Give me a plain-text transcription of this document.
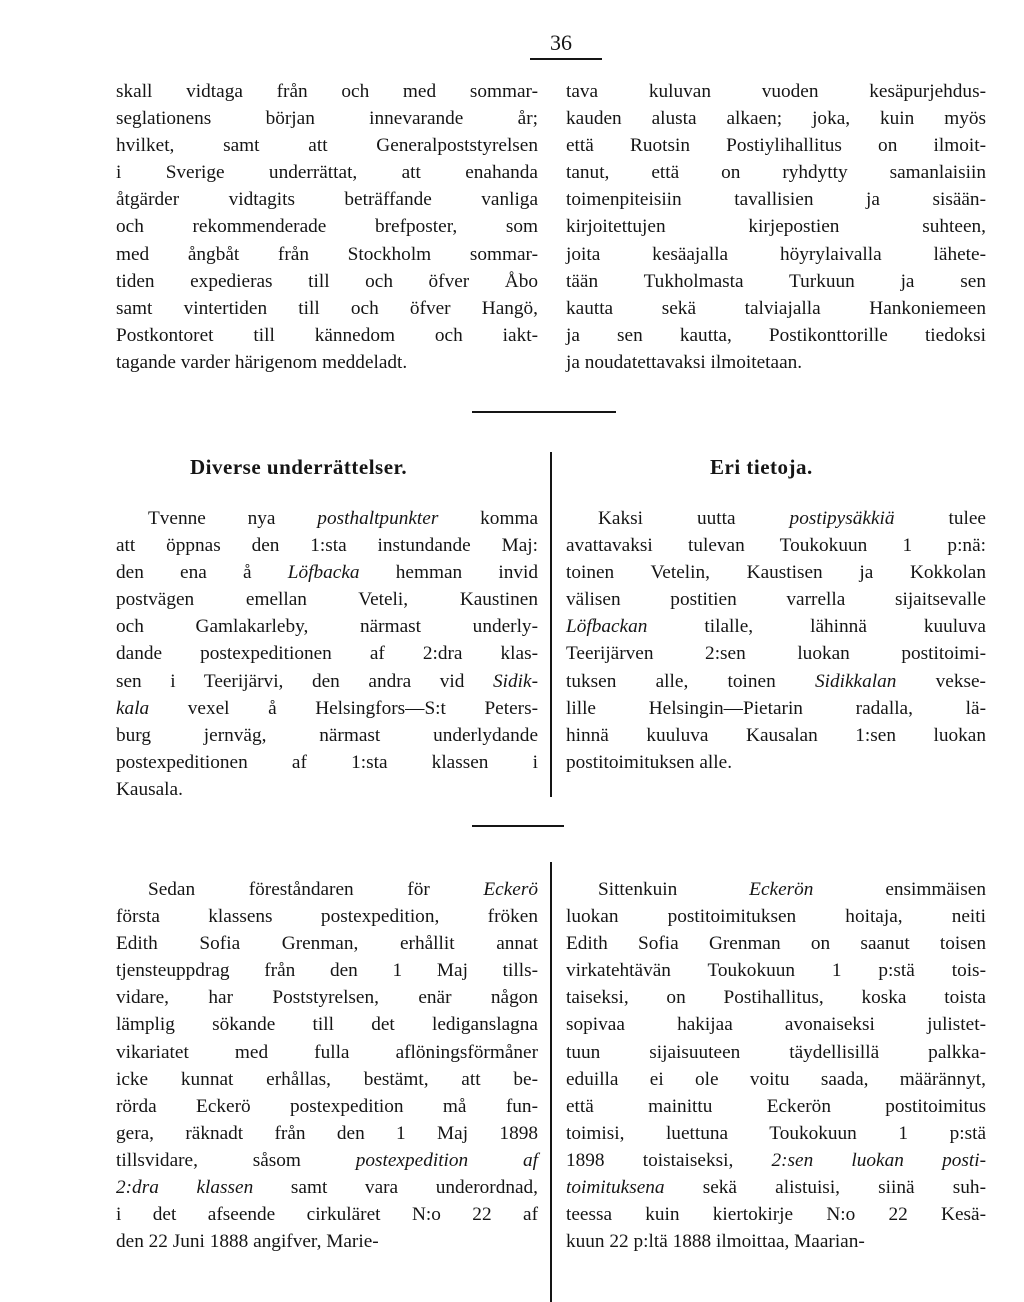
36
skall vidtaga från och med sommar-
seglationens början innevarande år;
hvilket, samt att Generalpoststyrelsen
i Sverige underrättat, att enahanda
åtgärder vidtagits beträffande vanliga
och rekommenderade brefposter, som
med ångbåt från Stockholm sommar-
tiden expedieras till och öfver Åbo
samt vintertiden till och öfver Hangö,
Postkontoret till kännedom och iakt-
tagande varder härigenom meddeladt.
tava kuluvan vuoden kesäpurjehdus-
kauden alusta alkaen; joka, kuin myös
että Ruotsin Postiylihallitus on ilmoit-
tanut, että on ryhdytty samanlaisiin
toimenpiteisiin tavallisien ja sisään-
kirjoitettujen kirjepostien suhteen,
joita kesäajalla höyrylaivalla lähete-
tään Tukholmasta Turkuun ja sen
kautta sekä talviajalla Hankoniemeen
ja sen kautta, Postikonttorille tiedoksi
ja noudatettavaksi ilmoitetaan.
Diverse underrättelser.	Eri tietoja.
Tvenne nya posthaltpunkter komma
att öppnas den 1:sta instundande Maj:
den ena å Löfbacka hemman invid
postvägen emellan Veteli, Kaustinen
och Gamlakarleby, närmast underly-
dande postexpeditionen af 2:dra klas-
sen i Teerijärvi, den andra vid Sidik-
kala vexel å Helsingfors—S:t Peters-
burg jernväg, närmast underlydande
postexpeditionen af 1:sta klassen i
Kausala.
Kaksi uutta postipysäkkiä tulee
avattavaksi tulevan Toukokuun 1 p:nä:
toinen Vetelin, Kaustisen ja Kokkolan
välisen postitien varrella sijaitsevalle
Löfbackan tilalle, lähinnä kuuluva
Teerijärven 2:sen luokan postitoimi-
tuksen alle, toinen Sidikkalan vekse-
lille Helsingin—Pietarin radalla, lä-
hinnä kuuluva Kausalan 1:sen luokan
postitoimituksen alle.
Sedan föreståndaren för Eckerö
första klassens postexpedition, fröken
Edith Sofia Grenman, erhållit annat
tjensteuppdrag från den 1 Maj tills-
vidare, har Poststyrelsen, enär någon
lämplig sökande till det lediganslagna
vikariatet med fulla aflöningsförmåner
icke kunnat erhållas, bestämt, att be-
rörda Eckerö postexpedition må fun-
gera, räknadt från den 1 Maj 1898
tillsvidare, såsom postexpedition af
2:dra klassen samt vara underordnad,
i det afseende cirkuläret N:o 22 af
den 22 Juni 1888 angifver, Marie-
Sittenkuin Eckerön ensimmäisen
luokan postitoimituksen hoitaja, neiti
Edith Sofia Grenman on saanut toisen
virkatehtävän Toukokuun 1 p:stä tois-
taiseksi, on Postihallitus, koska toista
sopivaa hakijaa avonaiseksi julistet-
tuun sijaisuuteen täydellisillä palkka-
eduilla ei ole voitu saada, määrännyt,
että mainittu Eckerön postitoimitus
toimisi, luettuna Toukokuun 1 p:stä
1898 toistaiseksi, 2:sen luokan posti-
toimituksena sekä alistuisi, siinä suh-
teessa kuin kiertokirje N:o 22 Kesä-
kuun 22 p:ltä 1888 ilmoittaa, Maarian-
